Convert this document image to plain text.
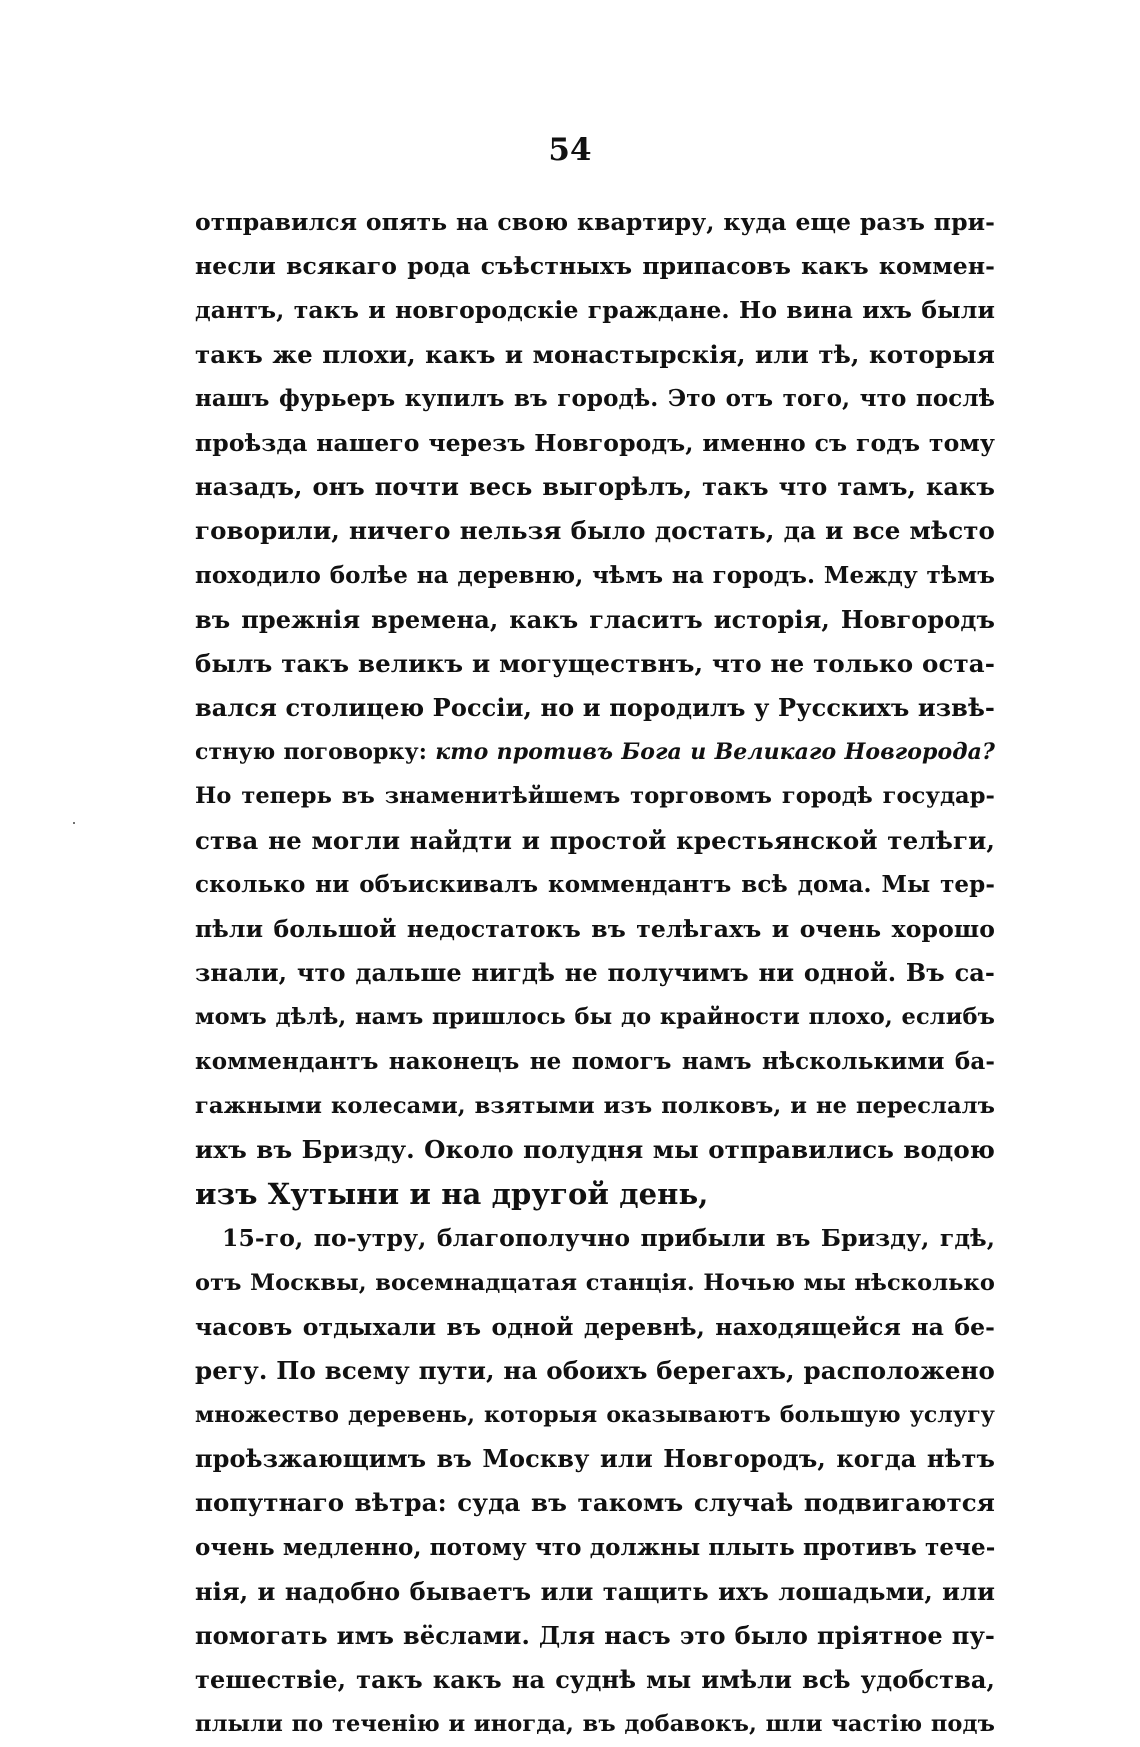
54
отправился опять на свою квартиру, куда еще разъ при-
несли всякаго рода съѣстныхъ припасовъ какъ коммен-
дантъ, такъ и новгородскіе граждане. Но вина ихъ были
такъ же плохи, какъ и монастырскія, или тѣ, которыя
нашъ фурьеръ купилъ въ городѣ. Это отъ того, что послѣ
проѣзда нашего черезъ Новгородъ, именно съ годъ тому
назадъ, онъ почти весь выгорѣлъ, такъ что тамъ, какъ
говорили, ничего нельзя было достать, да и все мѣсто
походило болѣе на деревню, чѣмъ на городъ. Между тѣмъ
въ прежнія времена, какъ гласитъ исторія, Новгородъ
былъ такъ великъ и могуществнъ, что не только оста-
вался столицею Россіи, но и породилъ у Русскихъ извѣ-
стную поговорку: кто противъ Бога и Великаго Новгорода?
Но теперь въ знаменитѣйшемъ торговомъ городѣ государ-
ства не могли найдти и простой крестьянской телѣги,
сколько ни объискивалъ коммендантъ всѣ дома. Мы тер-
пѣли большой недостатокъ въ телѣгахъ и очень хорошо
знали, что дальше нигдѣ не получимъ ни одной. Въ са-
момъ дѣлѣ, намъ пришлось бы до крайности плохо, еслибъ
коммендантъ наконецъ не помогъ намъ нѣсколькими ба-
гажными колесами, взятыми изъ полковъ, и не переслалъ
ихъ въ Бризду. Около полудня мы отправились водою
изъ Хутыни и на другой день,
15-го, по-утру, благополучно прибыли въ Бризду, гдѣ,
отъ Москвы, восемнадцатая станція. Ночью мы нѣсколько
часовъ отдыхали въ одной деревнѣ, находящейся на бе-
регу. По всему пути, на обоихъ берегахъ, расположено
множество деревень, которыя оказываютъ большую услугу
проѣзжающимъ въ Москву или Новгородъ, когда нѣтъ
попутнаго вѣтра: суда въ такомъ случаѣ подвигаются
очень медленно, потому что должны плыть противъ тече-
нія, и надобно бываетъ или тащить ихъ лошадьми, или
помогать имъ вёслами. Для насъ это было пріятное пу-
тешествіе, такъ какъ на суднѣ мы имѣли всѣ удобства,
плыли по теченію и иногда, въ добавокъ, шли частію подъ
